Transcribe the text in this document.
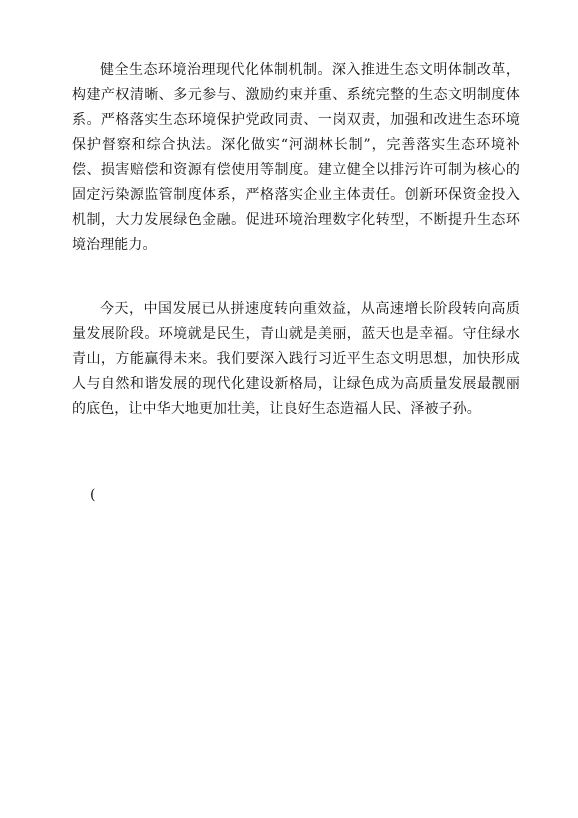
健全生态环境治理现代化体制机制。深入推进生态文明体制改革，构建产权清晰、多元参与、激励约束并重、系统完整的生态文明制度体系。严格落实生态环境保护党政同责、一岗双责，加强和改进生态环境保护督察和综合执法。深化做实“河湖林长制”，完善落实生态环境补偿、损害赔偿和资源有偿使用等制度。建立健全以排污许可制为核心的固定污染源监管制度体系，严格落实企业主体责任。创新环保资金投入机制，大力发展绿色金融。促进环境治理数字化转型，不断提升生态环境治理能力。

今天，中国发展已从拼速度转向重效益，从高速增长阶段转向高质量发展阶段。环境就是民生，青山就是美丽，蓝天也是幸福。守住绿水青山，方能赢得未来。我们要深入践行习近平生态文明思想，加快形成人与自然和谐发展的现代化建设新格局，让绿色成为高质量发展最靓丽的底色，让中华大地更加壮美，让良好生态造福人民、泽被子孙。

(
